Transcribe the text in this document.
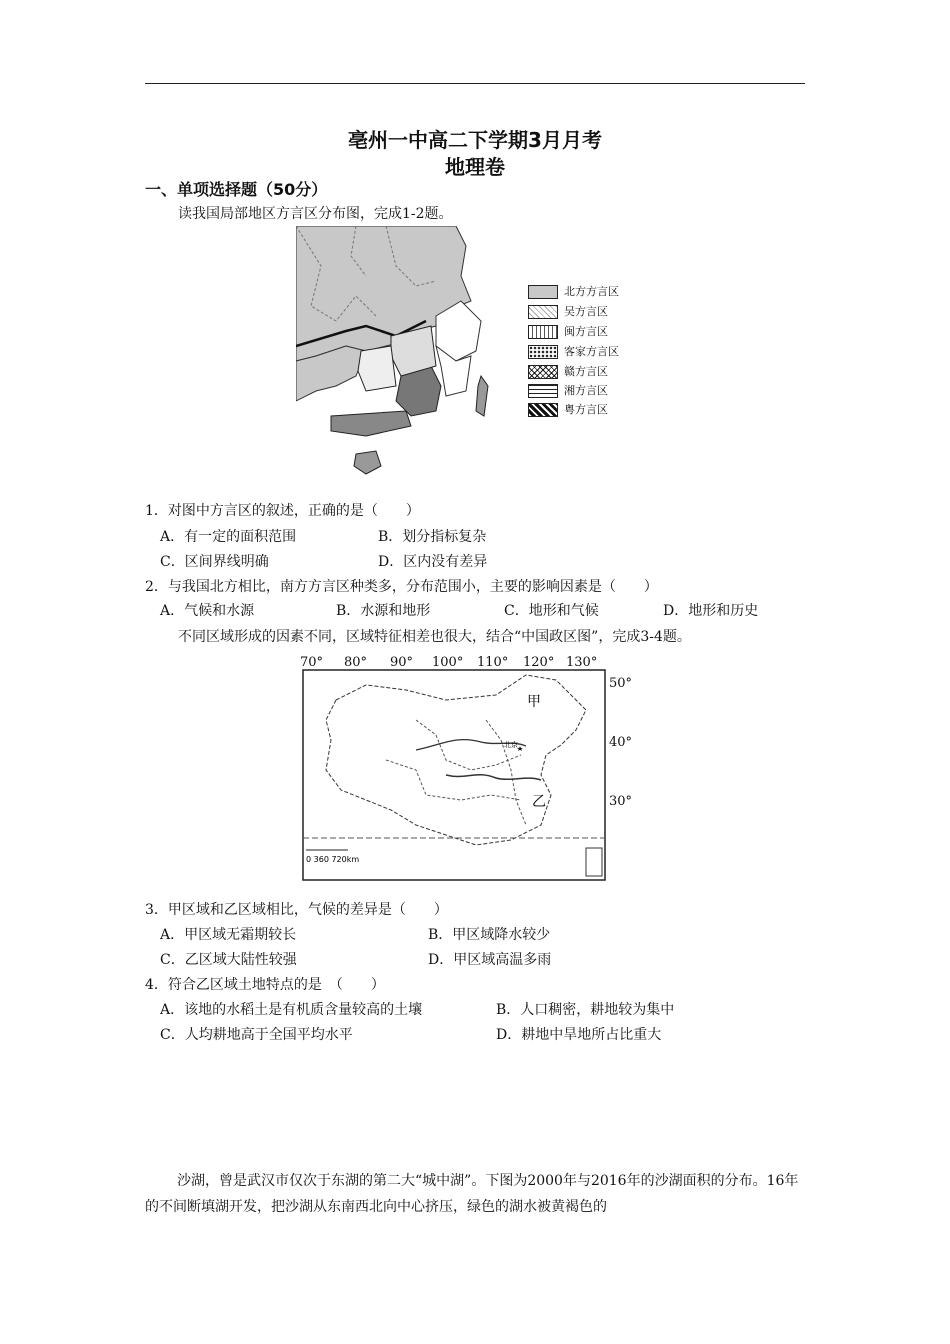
亳州一中高二下学期3月月考
地理卷
一、单项选择题（50分）
读我国局部地区方言区分布图，完成1-2题。
北方方言区
吴方言区
闽方言区
客家方言区
赣方言区
湘方言区
粤方言区
1．对图中方言区的叙述，正确的是（　　）
A．有一定的面积范围	B．划分指标复杂
C．区间界线明确	D．区内没有差异
2．与我国北方相比，南方方言区种类多，分布范围小，主要的影响因素是（　　）
A．气候和水源	B．水源和地形	C．地形和气候	D．地形和历史
不同区域形成的因素不同，区域特征相差也很大，结合“中国政区图”，完成3-4题。
70° 80° 90° 100° 110° 120° 130°
50°
40°
30°
甲
乙
北京
0 360 720km
3．甲区域和乙区域相比，气候的差异是（　　）
A．甲区域无霜期较长	B．甲区域降水较少
C．乙区域大陆性较强	D．甲区域高温多雨
4．符合乙区域土地特点的是　（　　）
A．该地的水稻土是有机质含量较高的土壤	B．人口稠密，耕地较为集中
C．人均耕地高于全国平均水平	D．耕地中旱地所占比重大
沙湖，曾是武汉市仅次于东湖的第二大“城中湖”。下图为2000年与2016年的沙湖面积的分布。16年的不间断填湖开发，把沙湖从东南西北向中心挤压，绿色的湖水被黄褐色的
